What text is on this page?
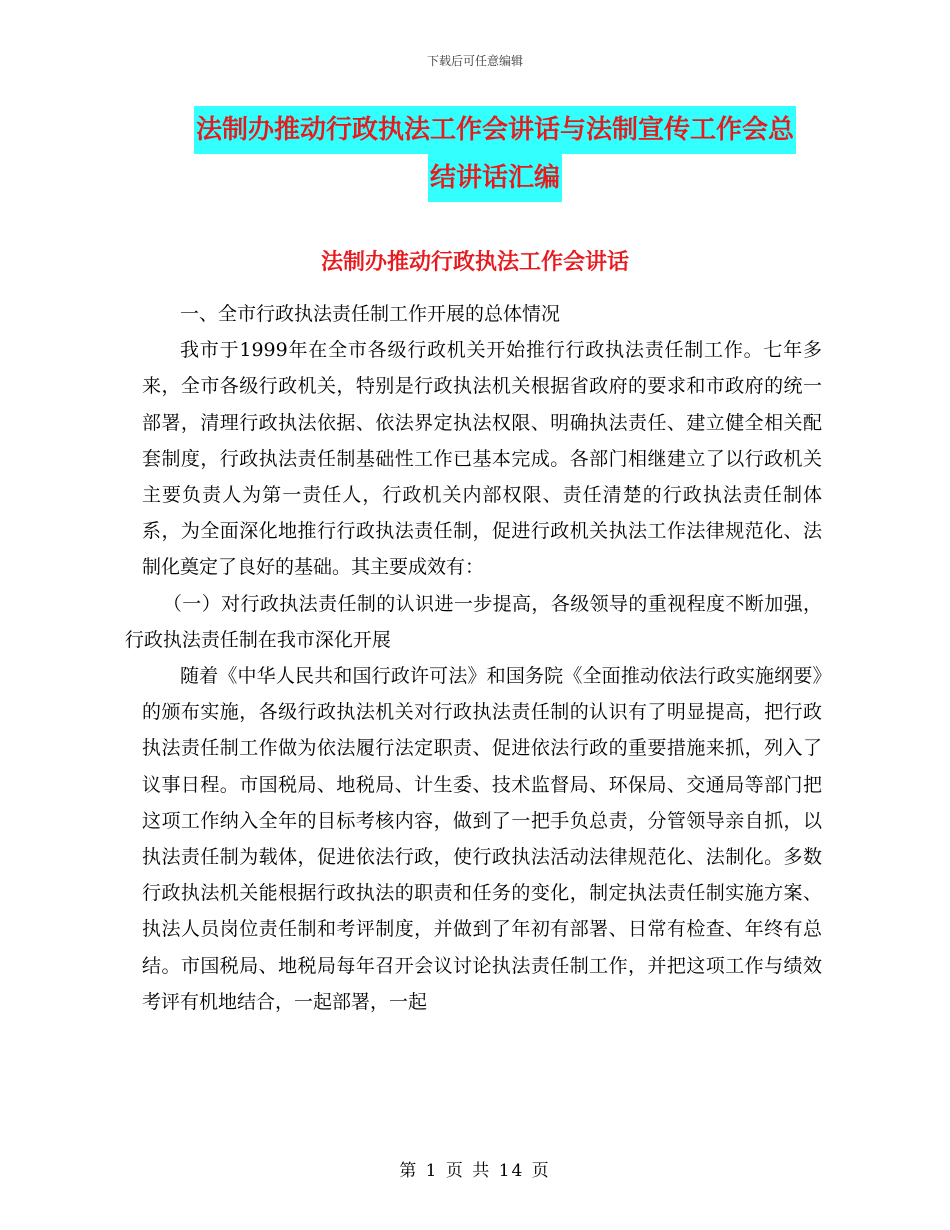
下载后可任意编辑
法制办推动行政执法工作会讲话与法制宣传工作会总
结讲话汇编
法制办推动行政执法工作会讲话

一、全市行政执法责任制工作开展的总体情况

我市于1999年在全市各级行政机关开始推行行政执法责任制工作。七年多来，全市各级行政机关，特别是行政执法机关根据省政府的要求和市政府的统一部署，清理行政执法依据、依法界定执法权限、明确执法责任、建立健全相关配套制度，行政执法责任制基础性工作已基本完成。各部门相继建立了以行政机关主要负责人为第一责任人，行政机关内部权限、责任清楚的行政执法责任制体系，为全面深化地推行行政执法责任制，促进行政机关执法工作法律规范化、法制化奠定了良好的基础。其主要成效有：

（一）对行政执法责任制的认识进一步提高，各级领导的重视程度不断加强，行政执法责任制在我市深化开展

随着《中华人民共和国行政许可法》和国务院《全面推动依法行政实施纲要》的颁布实施，各级行政执法机关对行政执法责任制的认识有了明显提高，把行政执法责任制工作做为依法履行法定职责、促进依法行政的重要措施来抓，列入了议事日程。市国税局、地税局、计生委、技术监督局、环保局、交通局等部门把这项工作纳入全年的目标考核内容，做到了一把手负总责，分管领导亲自抓，以执法责任制为载体，促进依法行政，使行政执法活动法律规范化、法制化。多数行政执法机关能根据行政执法的职责和任务的变化，制定执法责任制实施方案、执法人员岗位责任制和考评制度，并做到了年初有部署、日常有检查、年终有总结。市国税局、地税局每年召开会议讨论执法责任制工作，并把这项工作与绩效考评有机地结合，一起部署，一起

第 1 页 共 14 页
